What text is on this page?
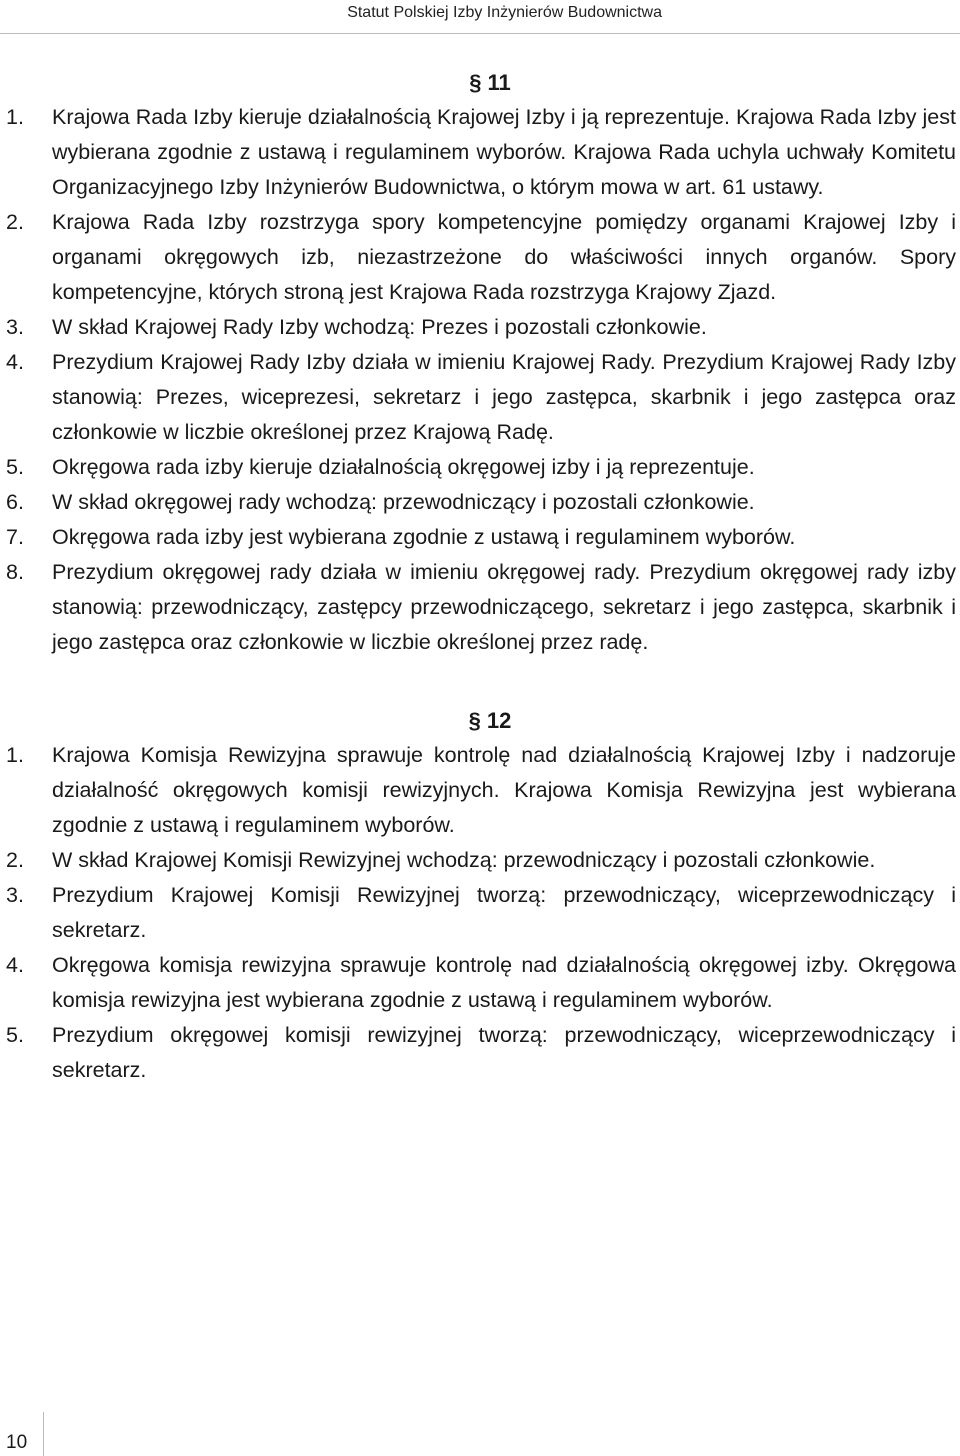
Statut Polskiej Izby Inżynierów Budownictwa
§ 11
1. Krajowa Rada Izby kieruje działalnością Krajowej Izby i ją reprezentuje. Krajowa Rada Izby jest wybierana zgodnie z ustawą i regulaminem wyborów. Krajowa Rada uchyla uchwały Komitetu Organizacyjnego Izby Inżynierów Budownictwa, o którym mowa w art. 61 ustawy.
2. Krajowa Rada Izby rozstrzyga spory kompetencyjne pomiędzy organami Krajowej Izby i organami okręgowych izb, niezastrzeżone do właściwości innych organów. Spory kompetencyjne, których stroną jest Krajowa Rada rozstrzyga Krajowy Zjazd.
3. W skład Krajowej Rady Izby wchodzą: Prezes i pozostali członkowie.
4. Prezydium Krajowej Rady Izby działa w imieniu Krajowej Rady. Prezydium Krajowej Rady Izby stanowią: Prezes, wiceprezesi, sekretarz i jego zastępca, skarbnik i jego zastępca oraz członkowie w liczbie określonej przez Krajową Radę.
5. Okręgowa rada izby kieruje działalnością okręgowej izby i ją reprezentuje.
6. W skład okręgowej rady wchodzą: przewodniczący i pozostali członkowie.
7. Okręgowa rada izby jest wybierana zgodnie z ustawą i regulaminem wyborów.
8. Prezydium okręgowej rady działa w imieniu okręgowej rady. Prezydium okręgowej rady izby stanowią: przewodniczący, zastępcy przewodniczącego, sekretarz i jego zastępca, skarbnik i jego zastępca oraz członkowie w liczbie określonej przez radę.
§ 12
1. Krajowa Komisja Rewizyjna sprawuje kontrolę nad działalnością Krajowej Izby i nadzoruje działalność okręgowych komisji rewizyjnych. Krajowa Komisja Rewizyjna jest wybierana zgodnie z ustawą i regulaminem wyborów.
2. W skład Krajowej Komisji Rewizyjnej wchodzą: przewodniczący i pozostali członkowie.
3. Prezydium Krajowej Komisji Rewizyjnej tworzą: przewodniczący, wiceprzewodniczący i sekretarz.
4. Okręgowa komisja rewizyjna sprawuje kontrolę nad działalnością okręgowej izby. Okręgowa komisja rewizyjna jest wybierana zgodnie z ustawą i regulaminem wyborów.
5. Prezydium okręgowej komisji rewizyjnej tworzą: przewodniczący, wiceprzewodniczący i sekretarz.
10
